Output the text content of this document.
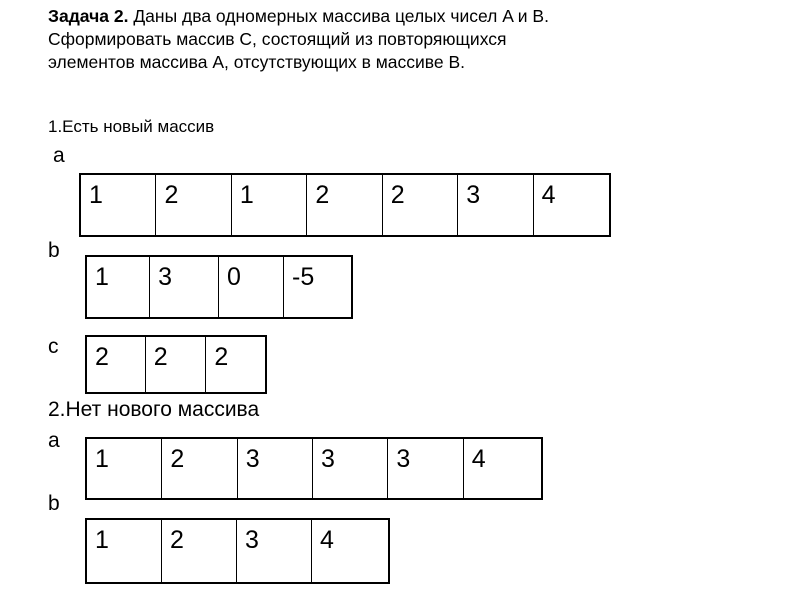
Задача 2. Даны два одномерных массива целых чисел A и B.
Сформировать массив C, состоящий из повторяющихся
элементов массива A, отсутствующих в массиве B.
1.Есть новый массив
a
1	2	1	2	2	3	4
b
1	3	0	-5
c	2	2	2
2.Нет нового массива
a
1	2	3	3	3	4
b
1	2	3	4
